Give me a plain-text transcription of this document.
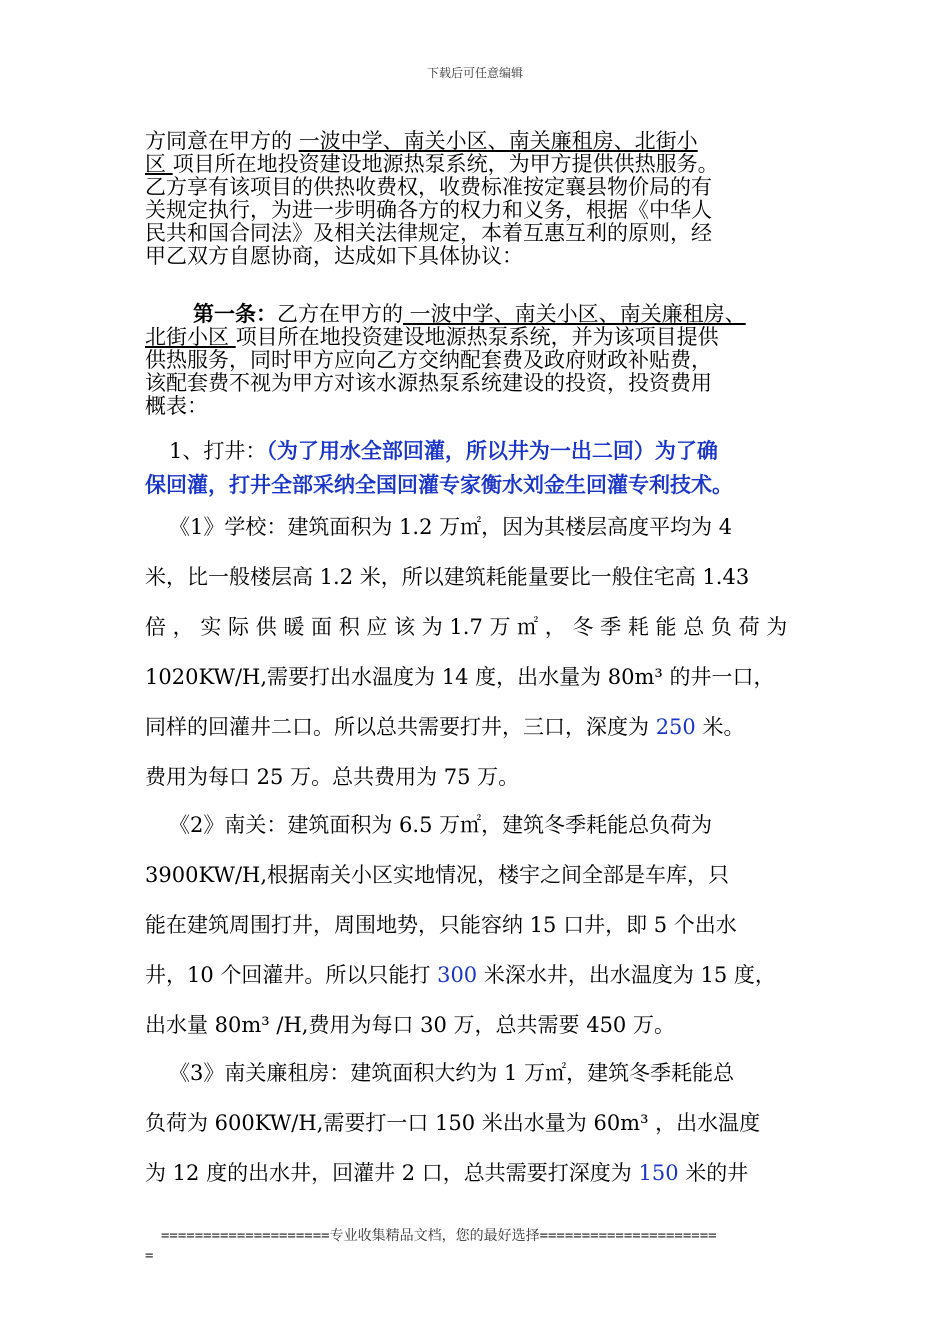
下载后可任意编辑
方同意在甲方的 一波中学、南关小区、南关廉租房、北街小
区 项目所在地投资建设地源热泵系统，为甲方提供供热服务。
乙方享有该项目的供热收费权，收费标准按定襄县物价局的有
关规定执行，为进一步明确各方的权力和义务，根据《中华人
民共和国合同法》及相关法律规定，本着互惠互利的原则，经
甲乙双方自愿协商，达成如下具体协议：
第一条：乙方在甲方的 一波中学、南关小区、南关廉租房、
北街小区 项目所在地投资建设地源热泵系统，并为该项目提供
供热服务，同时甲方应向乙方交纳配套费及政府财政补贴费，
该配套费不视为甲方对该水源热泵系统建设的投资，投资费用
概表：
1、打井：（为了用水全部回灌，所以井为一出二回）为了确
保回灌，打井全部采纳全国回灌专家衡水刘金生回灌专利技术。
《1》学校：建筑面积为 1.2 万㎡，因为其楼层高度平均为 4
米，比一般楼层高 1.2 米，所以建筑耗能量要比一般住宅高 1.43
倍 ， 实 际 供 暖 面 积 应 该 为 1.7 万 ㎡ ， 冬 季 耗 能 总 负 荷 为
1020KW/H,需要打出水温度为 14 度，出水量为 80m³ 的井一口，
同样的回灌井二口。所以总共需要打井，三口，深度为 250 米。
费用为每口 25 万。总共费用为 75 万。
《2》南关：建筑面积为 6.5 万㎡，建筑冬季耗能总负荷为
3900KW/H,根据南关小区实地情况，楼宇之间全部是车库，只
能在建筑周围打井，周围地势，只能容纳 15 口井，即 5 个出水
井，10 个回灌井。所以只能打 300 米深水井，出水温度为 15 度，
出水量 80m³ /H,费用为每口 30 万，总共需要 450 万。
《3》南关廉租房：建筑面积大约为 1 万㎡，建筑冬季耗能总
负荷为 600KW/H,需要打一口 150 米出水量为 60m³ ，出水温度
为 12 度的出水井，回灌井 2 口，总共需要打深度为 150 米的井
====================专业收集精品文档，您的最好选择=====================
=
